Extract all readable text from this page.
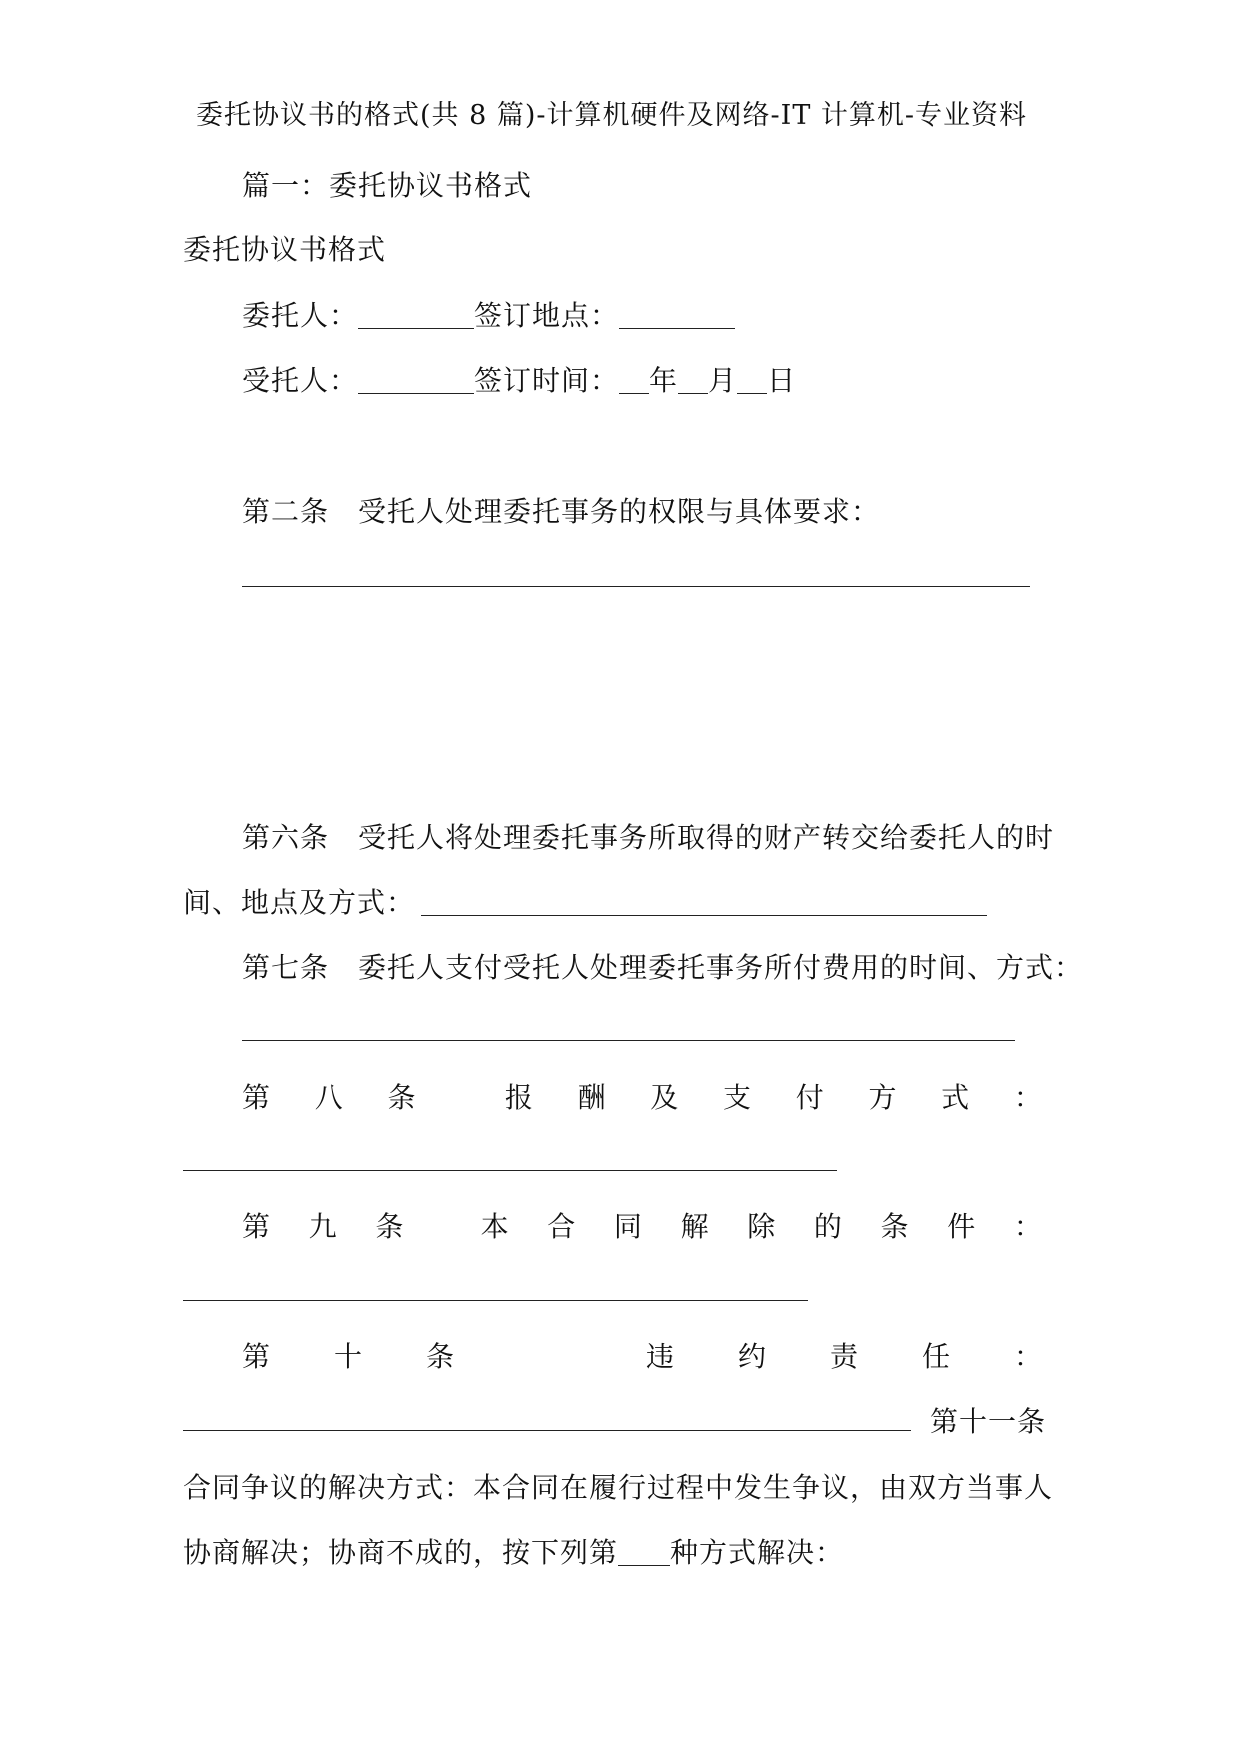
委托协议书的格式(共 8 篇)-计算机硬件及网络-IT 计算机-专业资料
篇一：委托协议书格式
委托协议书格式
委托人：	签订地点：
受托人：	签订时间： 年 月 日
第二条　受托人处理委托事务的权限与具体要求：
第六条　受托人将处理委托事务所取得的财产转交给委托人的时
间、地点及方式：
第七条　委托人支付受托人处理委托事务所付费用的时间、方式：
第 八 条	报 酬 及 支 付 方 式 ：
第 九 条	本 合 同 解 除 的 条 件 ：
第 十 条	违 约 责 任 ：
第十一条
合同争议的解决方式：本合同在履行过程中发生争议，由双方当事人
协商解决；协商不成的，按下列第 种方式解决：
